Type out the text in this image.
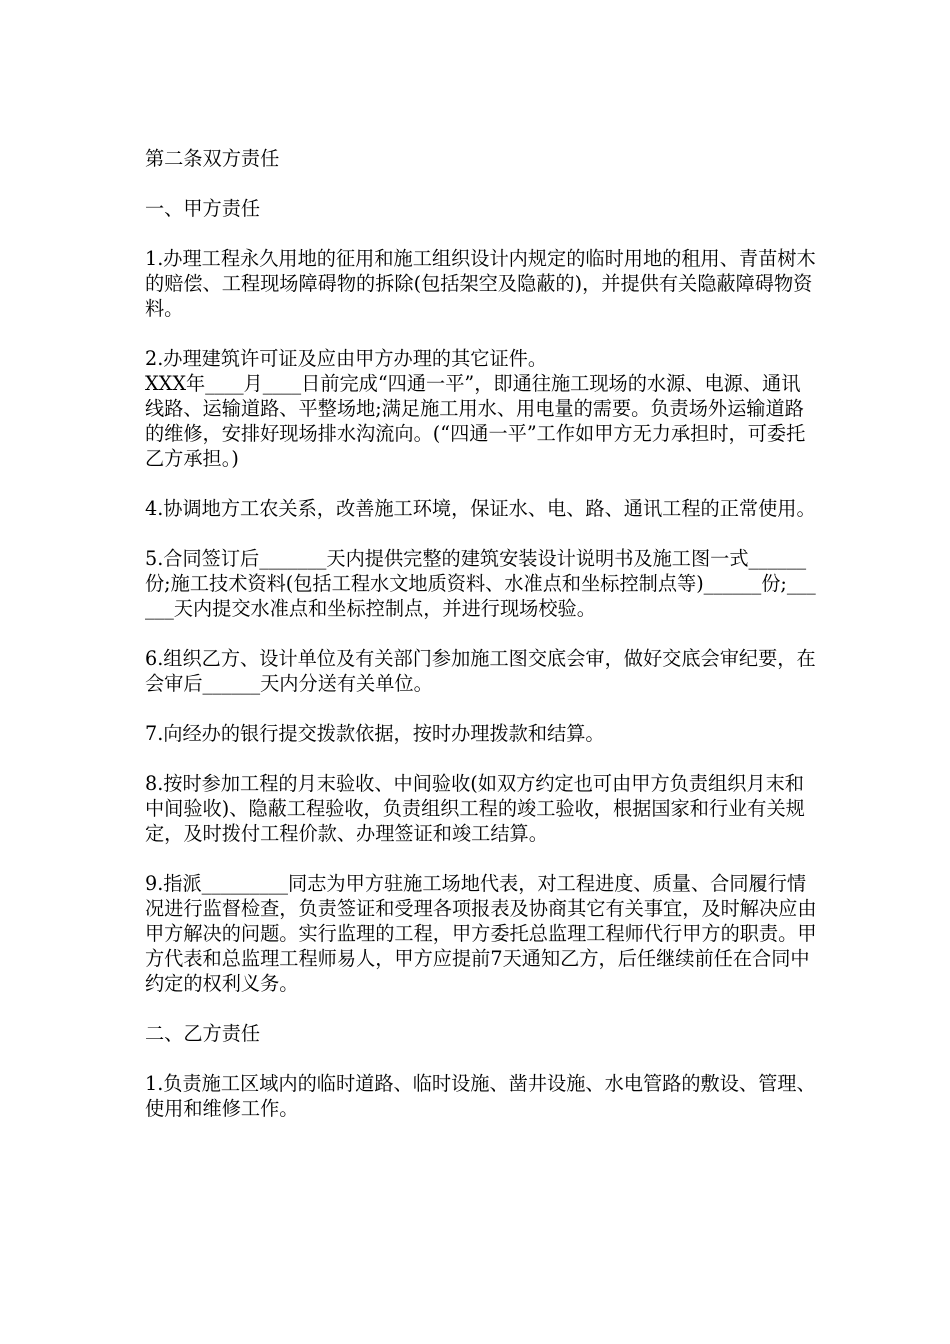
第二条双方责任

一、甲方责任

1.办理工程永久用地的征用和施工组织设计内规定的临时用地的租用、青苗树木的赔偿、工程现场障碍物的拆除(包括架空及隐蔽的)，并提供有关隐蔽障碍物资料。

2.办理建筑许可证及应由甲方办理的其它证件。

XXX年____月____日前完成“四通一平”，即通往施工现场的水源、电源、通讯线路、运输道路、平整场地;满足施工用水、用电量的需要。负责场外运输道路的维修，安排好现场排水沟流向。(“四通一平”工作如甲方无力承担时，可委托乙方承担。)

4.协调地方工农关系，改善施工环境，保证水、电、路、通讯工程的正常使用。

5.合同签订后_______天内提供完整的建筑安装设计说明书及施工图一式______份;施工技术资料(包括工程水文地质资料、水准点和坐标控制点等)______份;______天内提交水准点和坐标控制点，并进行现场校验。

6.组织乙方、设计单位及有关部门参加施工图交底会审，做好交底会审纪要，在会审后______天内分送有关单位。

7.向经办的银行提交拨款依据，按时办理拨款和结算。

8.按时参加工程的月末验收、中间验收(如双方约定也可由甲方负责组织月末和中间验收)、隐蔽工程验收，负责组织工程的竣工验收，根据国家和行业有关规定，及时拨付工程价款、办理签证和竣工结算。

9.指派_________同志为甲方驻施工场地代表，对工程进度、质量、合同履行情况进行监督检查，负责签证和受理各项报表及协商其它有关事宜，及时解决应由甲方解决的问题。实行监理的工程，甲方委托总监理工程师代行甲方的职责。甲方代表和总监理工程师易人，甲方应提前7天通知乙方，后任继续前任在合同中约定的权利义务。

二、乙方责任

1.负责施工区域内的临时道路、临时设施、凿井设施、水电管路的敷设、管理、使用和维修工作。
